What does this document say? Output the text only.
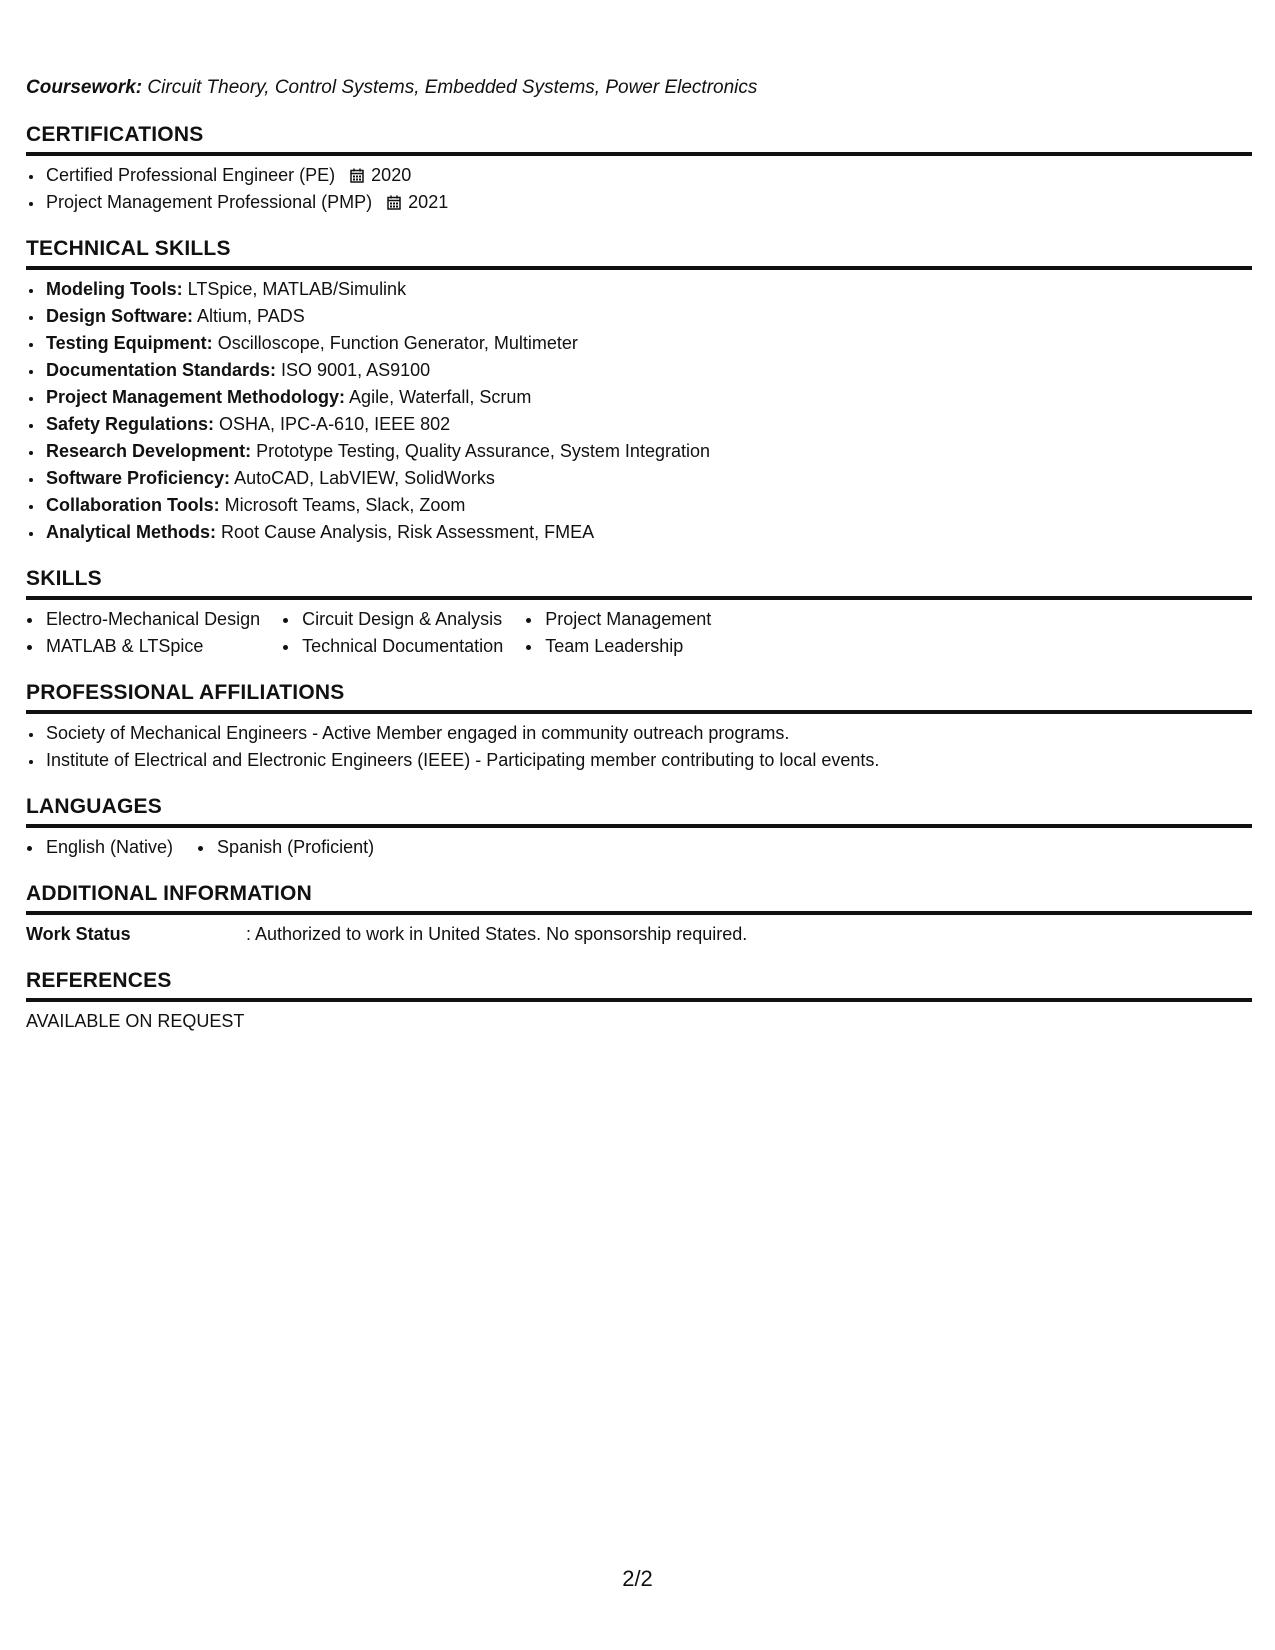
Coursework: Circuit Theory, Control Systems, Embedded Systems, Power Electronics
CERTIFICATIONS
• Certified Professional Engineer (PE) 2020
• Project Management Professional (PMP) 2021
TECHNICAL SKILLS
• Modeling Tools: LTSpice, MATLAB/Simulink
• Design Software: Altium, PADS
• Testing Equipment: Oscilloscope, Function Generator, Multimeter
• Documentation Standards: ISO 9001, AS9100
• Project Management Methodology: Agile, Waterfall, Scrum
• Safety Regulations: OSHA, IPC-A-610, IEEE 802
• Research Development: Prototype Testing, Quality Assurance, System Integration
• Software Proficiency: AutoCAD, LabVIEW, SolidWorks
• Collaboration Tools: Microsoft Teams, Slack, Zoom
• Analytical Methods: Root Cause Analysis, Risk Assessment, FMEA
SKILLS
• Electro-Mechanical Design
• MATLAB & LTSpice
• Circuit Design & Analysis
• Technical Documentation
• Project Management
• Team Leadership
PROFESSIONAL AFFILIATIONS
• Society of Mechanical Engineers - Active Member engaged in community outreach programs.
• Institute of Electrical and Electronic Engineers (IEEE) - Participating member contributing to local events.
LANGUAGES
• English (Native)
• Spanish (Proficient)
ADDITIONAL INFORMATION
Work Status	: Authorized to work in United States. No sponsorship required.
REFERENCES
AVAILABLE ON REQUEST
2/2
